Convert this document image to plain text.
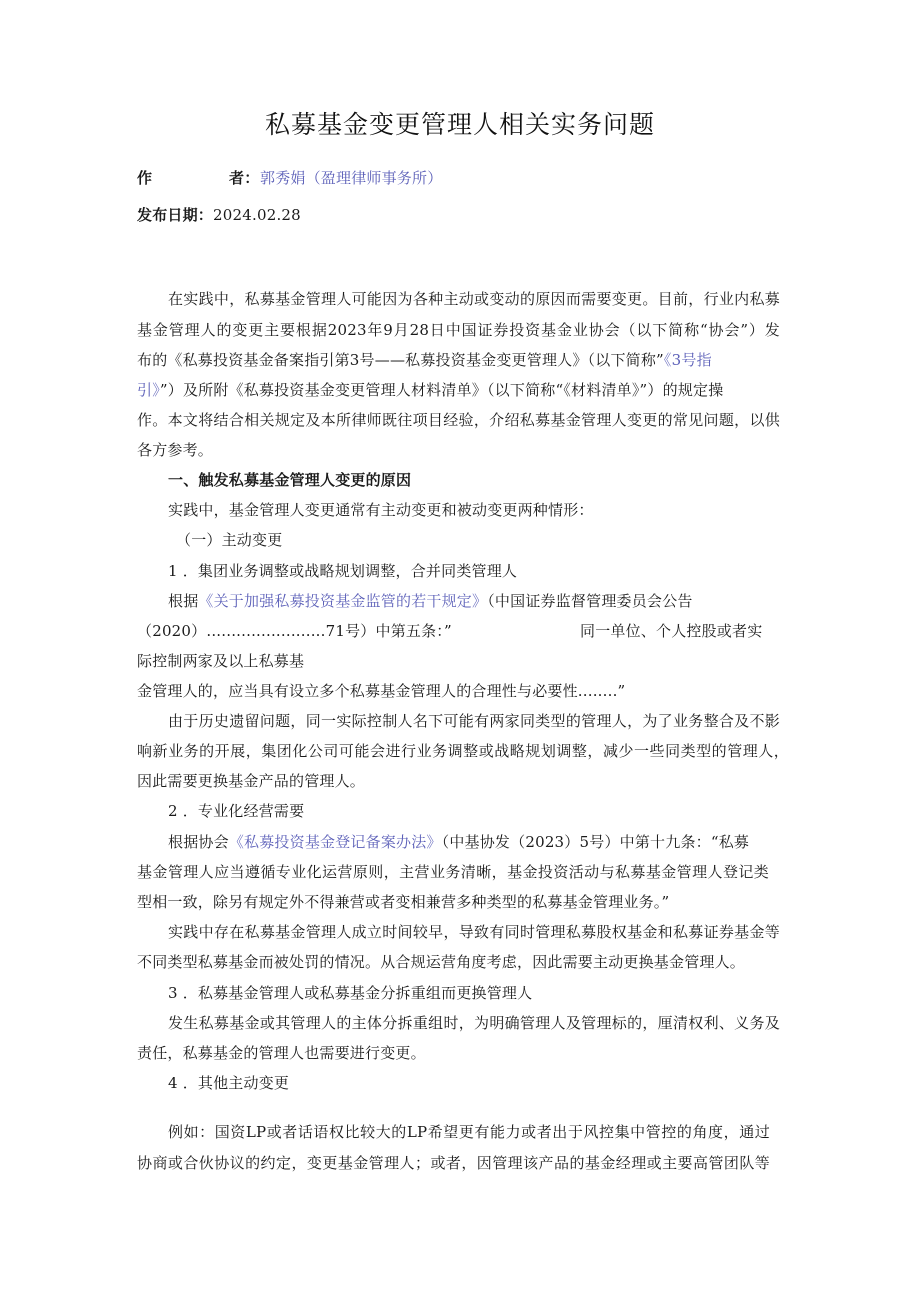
私募基金变更管理人相关实务问题
作	者： 郭秀娟（盈理律师事务所）
发布日期：2024.02.28
在实践中，私募基金管理人可能因为各种主动或变动的原因而需要变更。目前，行业内私募
基金管理人的变更主要根据2023年9月28日中国证券投资基金业协会（以下简称“协会”）发
布的《私募投资基金备案指引第3号——私募投资基金变更管理人》（以下简称”《3号指
引》”）及所附《私募投资基金变更管理人材料清单》（以下简称“《材料清单》”）的规定操
作。本文将结合相关规定及本所律师既往项目经验，介绍私募基金管理人变更的常见问题，以供
各方参考。
一、触发私募基金管理人变更的原因
实践中，基金管理人变更通常有主动变更和被动变更两种情形：
（一）主动变更
1 ．集团业务调整或战略规划调整，合并同类管理人
根据《关于加强私募投资基金监管的若干规定》（中国证券监督管理委员会公告
（2020）........................71号）中第五条：”	同一单位、个人控股或者实
际控制两家及以上私募基
金管理人的，应当具有设立多个私募基金管理人的合理性与必要性........”
由于历史遗留问题，同一实际控制人名下可能有两家同类型的管理人，为了业务整合及不影
响新业务的开展，集团化公司可能会进行业务调整或战略规划调整，减少一些同类型的管理人，
因此需要更换基金产品的管理人。
2 ．专业化经营需要
根据协会《私募投资基金登记备案办法》（中基协发（2023）5号）中第十九条：“私募
基金管理人应当遵循专业化运营原则，主营业务清晰，基金投资活动与私募基金管理人登记类
型相一致，除另有规定外不得兼营或者变相兼营多种类型的私募基金管理业务。”
实践中存在私募基金管理人成立时间较早，导致有同时管理私募股权基金和私募证券基金等
不同类型私募基金而被处罚的情况。从合规运营角度考虑，因此需要主动更换基金管理人。
3 ．私募基金管理人或私募基金分拆重组而更换管理人
发生私募基金或其管理人的主体分拆重组时，为明确管理人及管理标的，厘清权利、义务及
责任，私募基金的管理人也需要进行变更。
4 ．其他主动变更
例如：国资LP或者话语权比较大的LP希望更有能力或者出于风控集中管控的角度，通过
协商或合伙协议的约定，变更基金管理人；或者，因管理该产品的基金经理或主要高管团队等
